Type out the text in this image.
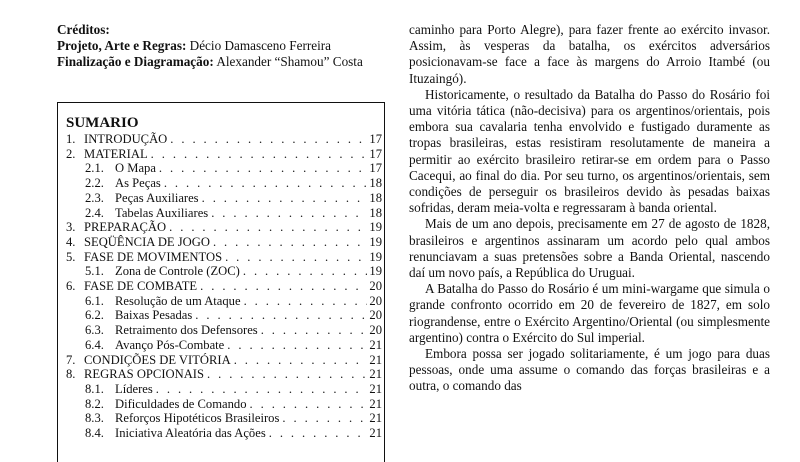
Créditos:
Projeto, Arte e Regras: Décio Damasceno Ferreira
Finalização e Diagramação: Alexander “Shamou” Costa
SUMARIO
1. INTRODUÇÃO . . .	17
2. MATERIAL . . .	17
2.1. O Mapa . . .	17
2.2. As Peças . . .	18
2.3. Peças Auxiliares . . .	18
2.4. Tabelas Auxiliares . . .	18
3. PREPARAÇÃO . . .	19
4. SEQÜÊNCIA DE JOGO . . .	19
5. FASE DE MOVIMENTOS . . .	19
5.1. Zona de Controle (ZOC) . . .	19
6. FASE DE COMBATE . . .	20
6.1. Resolução de um Ataque . . .	20
6.2. Baixas Pesadas . . .	20
6.3. Retraimento dos Defensores . . .	20
6.4. Avanço Pós-Combate . . .	21
7. CONDIÇÕES DE VITÓRIA . . .	21
8. REGRAS OPCIONAIS . . .	21
8.1. Líderes . . .	21
8.2. Dificuldades de Comando . . .	21
8.3. Reforços Hipotéticos Brasileiros . . .	21
8.4. Iniciativa Aleatória das Ações . . .	21

caminho para Porto Alegre), para fazer frente ao exército invasor. Assim, às vesperas da batalha, os exércitos adversários posicionavam-se face a face às margens do Arroio Itambé (ou Ituzaingó).

Historicamente, o resultado da Batalha do Passo do Rosário foi uma vitória tática (não-decisiva) para os argentinos/orientais, pois embora sua cavalaria tenha envolvido e fustigado duramente as tropas brasileiras, estas resistiram resolutamente de maneira a permitir ao exército brasileiro retirar-se em ordem para o Passo Cacequi, ao final do dia. Por seu turno, os argentinos/orientais, sem condições de perseguir os brasileiros devido às pesadas baixas sofridas, deram meia-volta e regressaram à banda oriental.

Mais de um ano depois, precisamente em 27 de agosto de 1828, brasileiros e argentinos assinaram um acordo pelo qual ambos renunciavam a suas pretensões sobre a Banda Oriental, nascendo daí um novo país, a República do Uruguai.

A Batalha do Passo do Rosário é um mini-wargame que simula o grande confronto ocorrido em 20 de fevereiro de 1827, em solo riograndense, entre o Exército Argentino/Oriental (ou simplesmente argentino) contra o Exército do Sul imperial.

Embora possa ser jogado solitariamente, é um jogo para duas pessoas, onde uma assume o comando das forças brasileiras e a outra, o comando das
